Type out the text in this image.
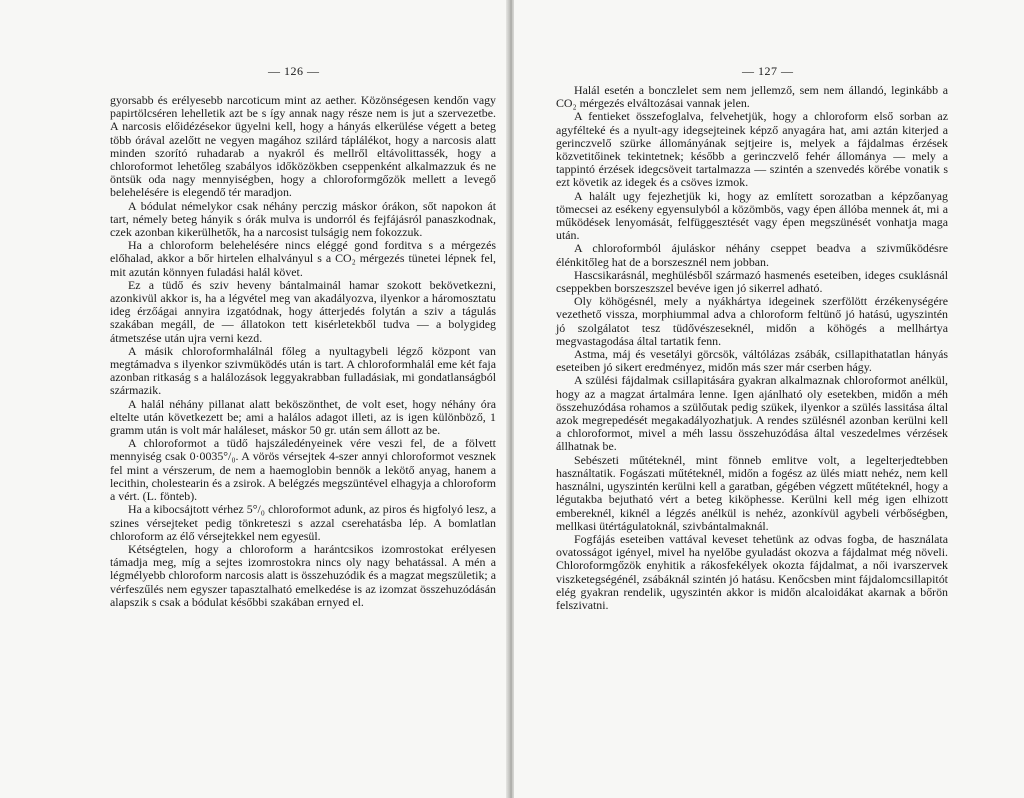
— 126 —

gyorsabb és erélyesebb narcoticum mint az aether. Közönségesen kendőn vagy papirtölcséren lehelletik azt be s így annak nagy része nem is jut a szervezetbe. A narcosis előidézésekor ügyelni kell, hogy a hányás elkerülése végett a beteg több órával azelőtt ne vegyen magához szilárd táplálékot, hogy a narcosis alatt minden szorító ruhadarab a nyakról és mellről eltávolittassék, hogy a chloroformot lehetőleg szabályos időközökben cseppenként alkalmazzuk és ne öntsük oda nagy mennyiségben, hogy a chloroformgőzök mellett a levegő belehelésére is elegendő tér maradjon.

A bódulat némelykor csak néhány perczig máskor órákon, sőt napokon át tart, némely beteg hányik s órák mulva is undorról és fejfájásról panaszkodnak, czek azonban kikerülhetők, ha a narcosist tulságig nem fokozzuk.

Ha a chloroform belehelésére nincs eléggé gond forditva s a mérgezés előhalad, akkor a bőr hirtelen elhalványul s a CO₂ mérgezés tünetei lépnek fel, mit azután könnyen fuladási halál követ.

Ez a tüdő és sziv heveny bántalmainál hamar szokott bekövetkezni, azonkivül akkor is, ha a légvétel meg van akadályozva, ilyenkor a háromosztatu ideg érzőágai annyira izgatódnak, hogy átterjedés folytán a sziv a tágulás szakában megáll, de — állatokon tett kisérletekből tudva — a bolygideg átmetszése után ujra verni kezd.

A másik chloroformhalálnál főleg a nyultagybeli légző központ van megtámadva s ilyenkor szivmüködés után is tart. A chloroformhalál eme két faja azonban ritkaság s a halálozások leggyakrabban fulladásiak, mi gondatlanságból származik.

A halál néhány pillanat alatt beköszönthet, de volt eset, hogy néhány óra eltelte után következett be; ami a halálos adagot illeti, az is igen különböző, 1 gramm után is volt már haláleset, máskor 50 gr. után sem állott az be.

A chloroformot a tüdő hajszáledényeinek vére veszi fel, de a fölvett mennyiség csak 0·0035°/₀. A vörös vérsejtek 4-szer annyi chloroformot vesznek fel mint a vérszerum, de nem a haemoglobin bennök a lekötő anyag, hanem a lecithin, cholestearin és a zsirok. A belégzés megszüntével elhagyja a chloroform a vért. (L. fönteb).

Ha a kibocsájtott vérhez 5°/₀ chloroformot adunk, az piros és higfolyó lesz, a szines vérsejteket pedig tönkreteszi s azzal cserehatásba lép. A bomlatlan chloroform az élő vérsejtekkel nem egyesül.

Kétségtelen, hogy a chloroform a harántcsikos izomrostokat erélyesen támadja meg, míg a sejtes izomrostokra nincs oly nagy behatással. A mén a légmélyebb chloroform narcosis alatt is összehuzódik és a magzat megszületik; a vérfeszűlés nem egyszer tapasztalható emelkedése is az izomzat összehuzódásán alapszik s csak a bódulat későbbi szakában ernyed el.

— 127 —

Halál esetén a bonczlelet sem nem jellemző, sem nem állandó, leginkább a CO₂ mérgezés elváltozásai vannak jelen.

A fentieket összefoglalva, felvehetjük, hogy a chloroform első sorban az agyfélteké és a nyult-agy idegsejteinek képző anyagára hat, ami aztán kiterjed a gerinczvelő szürke állományának sejtjeire is, melyek a fájdalmas érzések közvetitőinek tekintetnek; később a gerinczvelő fehér állománya — mely a tappintó érzések idegcsöveit tartalmazza — szintén a szenvedés körébe vonatik s ezt követik az idegek és a csöves izmok.

A halált ugy fejezhetjük ki, hogy az említett sorozatban a képzőanyag tömecsei az esékeny egyensulyból a közömbös, vagy épen állóba mennek át, mi a működések lenyomását, felfüggesztését vagy épen megszünését vonhatja maga után.

A chloroformból ájuláskor néhány cseppet beadva a szivműködésre élénkitőleg hat de a borszesznél nem jobban.

Hascsikarásnál, meghülésből származó hasmenés eseteiben, ideges csuklásnál cseppekben borszeszszel bevéve igen jó sikerrel adható.

Oly köhögésnél, mely a nyákhártya idegeinek szerfölött érzékenységére vezethető vissza, morphiummal adva a chloroform feltünő jó hatású, ugyszintén jó szolgálatot tesz tüdővészeseknél, midőn a köhögés a mellhártya megvastagodása által tartatik fenn.

Astma, máj és vesetályi görcsök, váltólázas zsábák, csillapithatatlan hányás eseteiben jó sikert eredményez, midőn más szer már cserben hágy.

A szülési fájdalmak csillapitására gyakran alkalmaznak chloroformot anélkül, hogy az a magzat ártalmára lenne. Igen ajánlható oly esetekben, midőn a méh összehuzódása rohamos a szülőutak pedig szükek, ilyenkor a szülés lassitása által azok megrepedését megakadályozhatjuk. A rendes szülésnél azonban kerülni kell a chloroformot, mivel a méh lassu összehuzódása által veszedelmes vérzések állhatnak be.

Sebészeti műtéteknél, mint fönneb emlitve volt, a legelterjedtebben használtatik. Fogászati műtéteknél, midőn a fogész az ülés miatt nehéz, nem kell használni, ugyszintén kerülni kell a garatban, gégében végzett műtéteknél, hogy a légutakba bejutható vért a beteg kiköphesse. Kerülni kell még igen elhizott embereknél, kiknél a légzés anélkül is nehéz, azonkívül agybeli vérbőségben, mellkasi ütértágulatoknál, szivbántalmaknál.

Fogfájás eseteiben vattával keveset tehetünk az odvas fogba, de használata ovatosságot igényel, mivel ha nyelőbe gyuladást okozva a fájdalmat még növeli. Chloroformgőzök enyhitik a rákosfekélyek okozta fájdalmat, a női ivarszervek viszketegségénél, zsábáknál szintén jó hatásu. Kenőcsben mint fájdalomcsillapitót elég gyakran rendelik, ugyszintén akkor is midőn alcaloidákat akarnak a bőrön felszivatni.
